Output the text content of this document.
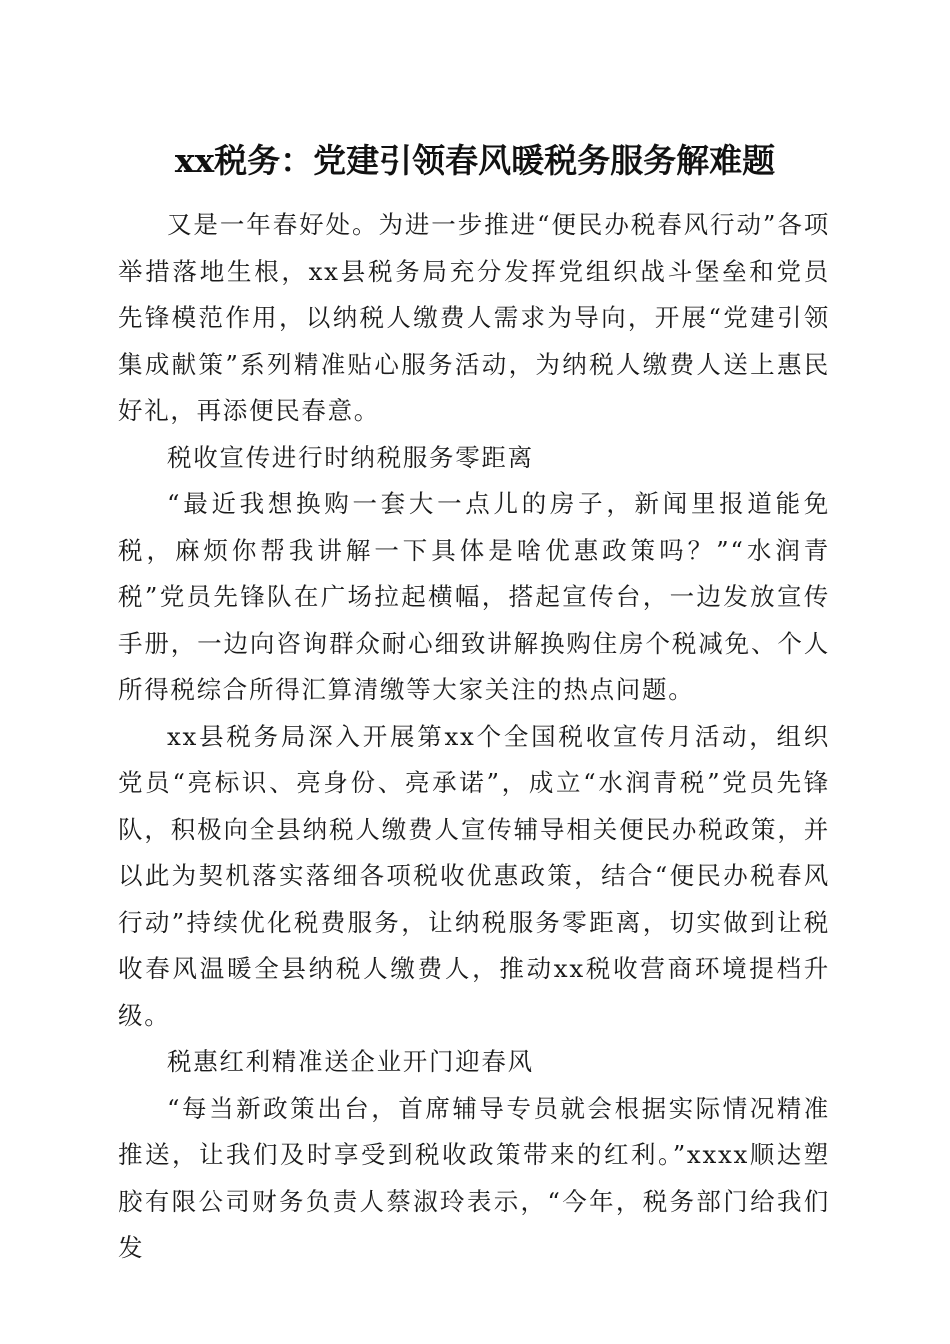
xx税务：党建引领春风暖税务服务解难题

又是一年春好处。为进一步推进“便民办税春风行动”各项举措落地生根，xx县税务局充分发挥党组织战斗堡垒和党员先锋模范作用，以纳税人缴费人需求为导向，开展“党建引领集成献策”系列精准贴心服务活动，为纳税人缴费人送上惠民好礼，再添便民春意。

税收宣传进行时纳税服务零距离

“最近我想换购一套大一点儿的房子，新闻里报道能免税，麻烦你帮我讲解一下具体是啥优惠政策吗？”“水润青税”党员先锋队在广场拉起横幅，搭起宣传台，一边发放宣传手册，一边向咨询群众耐心细致讲解换购住房个税减免、个人所得税综合所得汇算清缴等大家关注的热点问题。

xx县税务局深入开展第xx个全国税收宣传月活动，组织党员“亮标识、亮身份、亮承诺”，成立“水润青税”党员先锋队，积极向全县纳税人缴费人宣传辅导相关便民办税政策，并以此为契机落实落细各项税收优惠政策，结合“便民办税春风行动”持续优化税费服务，让纳税服务零距离，切实做到让税收春风温暖全县纳税人缴费人，推动xx税收营商环境提档升级。

税惠红利精准送企业开门迎春风

“每当新政策出台，首席辅导专员就会根据实际情况精准推送，让我们及时享受到税收政策带来的红利。”xxxx顺达塑胶有限公司财务负责人蔡淑玲表示，“今年，税务部门给我们发
